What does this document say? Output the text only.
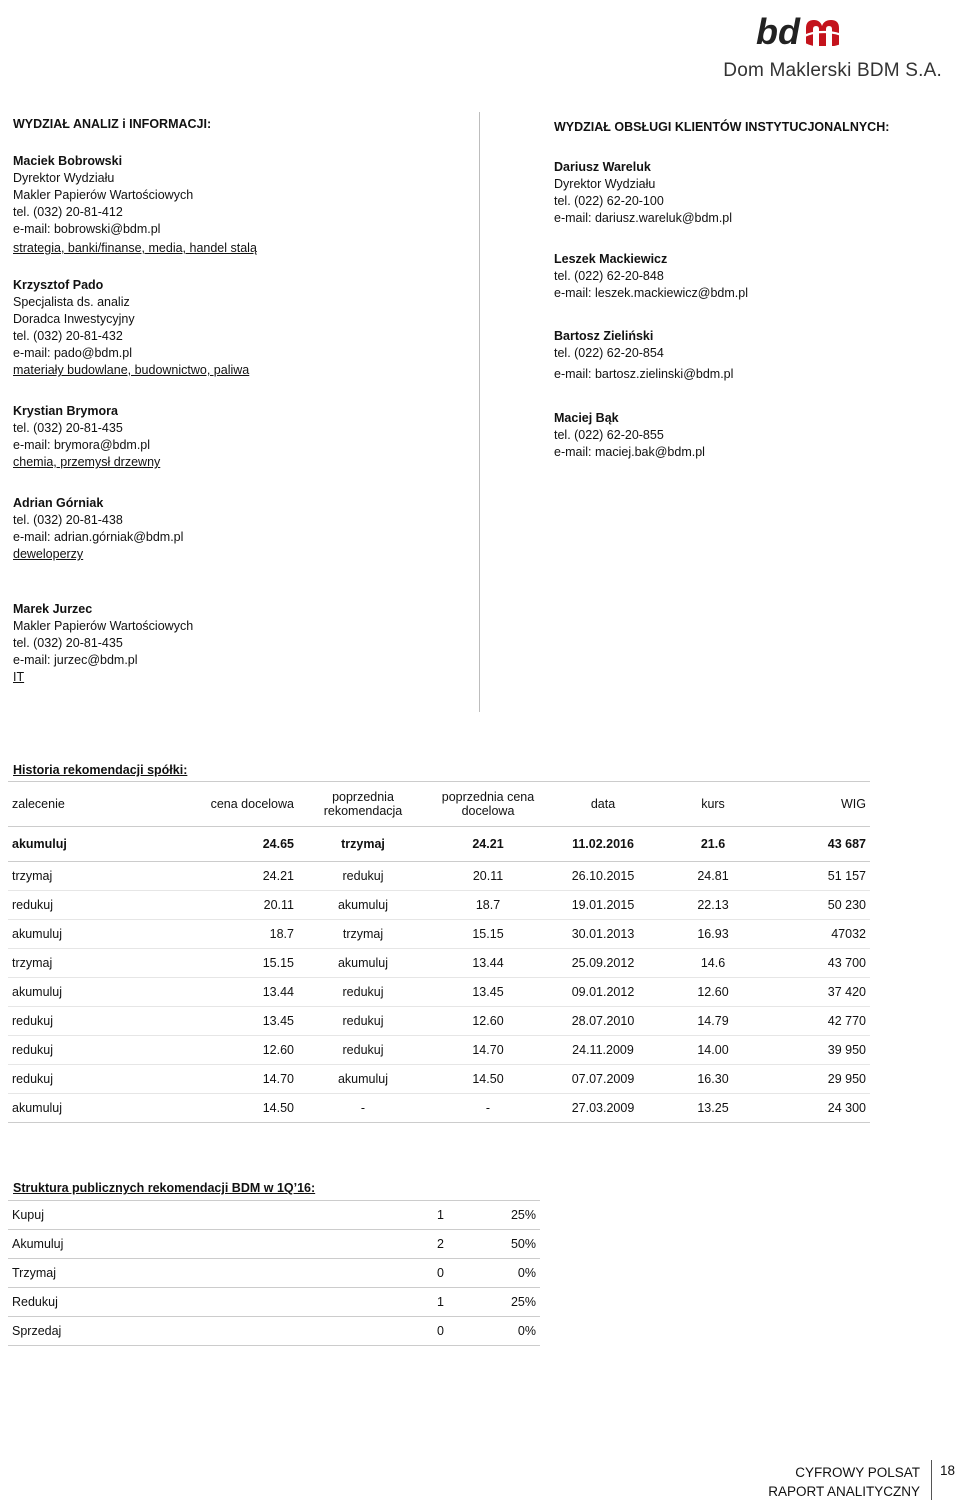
bd
Dom Maklerski BDM S.A.
WYDZIAŁ ANALIZ i INFORMACJI:
Maciek Bobrowski
Dyrektor Wydziału
Makler Papierów Wartościowych
tel. (032) 20-81-412
e-mail: bobrowski@bdm.pl
strategia, banki/finanse, media, handel stalą
Krzysztof Pado
Specjalista ds. analiz
Doradca Inwestycyjny
tel. (032) 20-81-432
e-mail: pado@bdm.pl
materiały budowlane, budownictwo, paliwa
Krystian Brymora
tel. (032) 20-81-435
e-mail: brymora@bdm.pl
chemia, przemysł drzewny
Adrian Górniak
tel. (032) 20-81-438
e-mail: adrian.górniak@bdm.pl
deweloperzy
Marek Jurzec
Makler Papierów Wartościowych
tel. (032) 20-81-435
e-mail: jurzec@bdm.pl
IT
WYDZIAŁ OBSŁUGI KLIENTÓW INSTYTUCJONALNYCH:
Dariusz Wareluk
Dyrektor Wydziału
tel. (022) 62-20-100
e-mail: dariusz.wareluk@bdm.pl
Leszek Mackiewicz
tel. (022) 62-20-848
e-mail: leszek.mackiewicz@bdm.pl
Bartosz Zieliński
tel. (022) 62-20-854
e-mail: bartosz.zielinski@bdm.pl
Maciej Bąk
tel. (022) 62-20-855
e-mail: maciej.bak@bdm.pl
Historia rekomendacji spółki:
zalecenie	cena docelowa	poprzednia rekomendacja	poprzednia cena docelowa	data	kurs	WIG
akumuluj	24.65	trzymaj	24.21	11.02.2016	21.6	43 687
trzymaj	24.21	redukuj	20.11	26.10.2015	24.81	51 157
redukuj	20.11	akumuluj	18.7	19.01.2015	22.13	50 230
akumuluj	18.7	trzymaj	15.15	30.01.2013	16.93	47032
trzymaj	15.15	akumuluj	13.44	25.09.2012	14.6	43 700
akumuluj	13.44	redukuj	13.45	09.01.2012	12.60	37 420
redukuj	13.45	redukuj	12.60	28.07.2010	14.79	42 770
redukuj	12.60	redukuj	14.70	24.11.2009	14.00	39 950
redukuj	14.70	akumuluj	14.50	07.07.2009	16.30	29 950
akumuluj	14.50	-	-	27.03.2009	13.25	24 300
Struktura publicznych rekomendacji BDM w 1Q’16:
Kupuj	1	25%
Akumuluj	2	50%
Trzymaj	0	0%
Redukuj	1	25%
Sprzedaj	0	0%
CYFROWY POLSAT
RAPORT ANALITYCZNY
18
